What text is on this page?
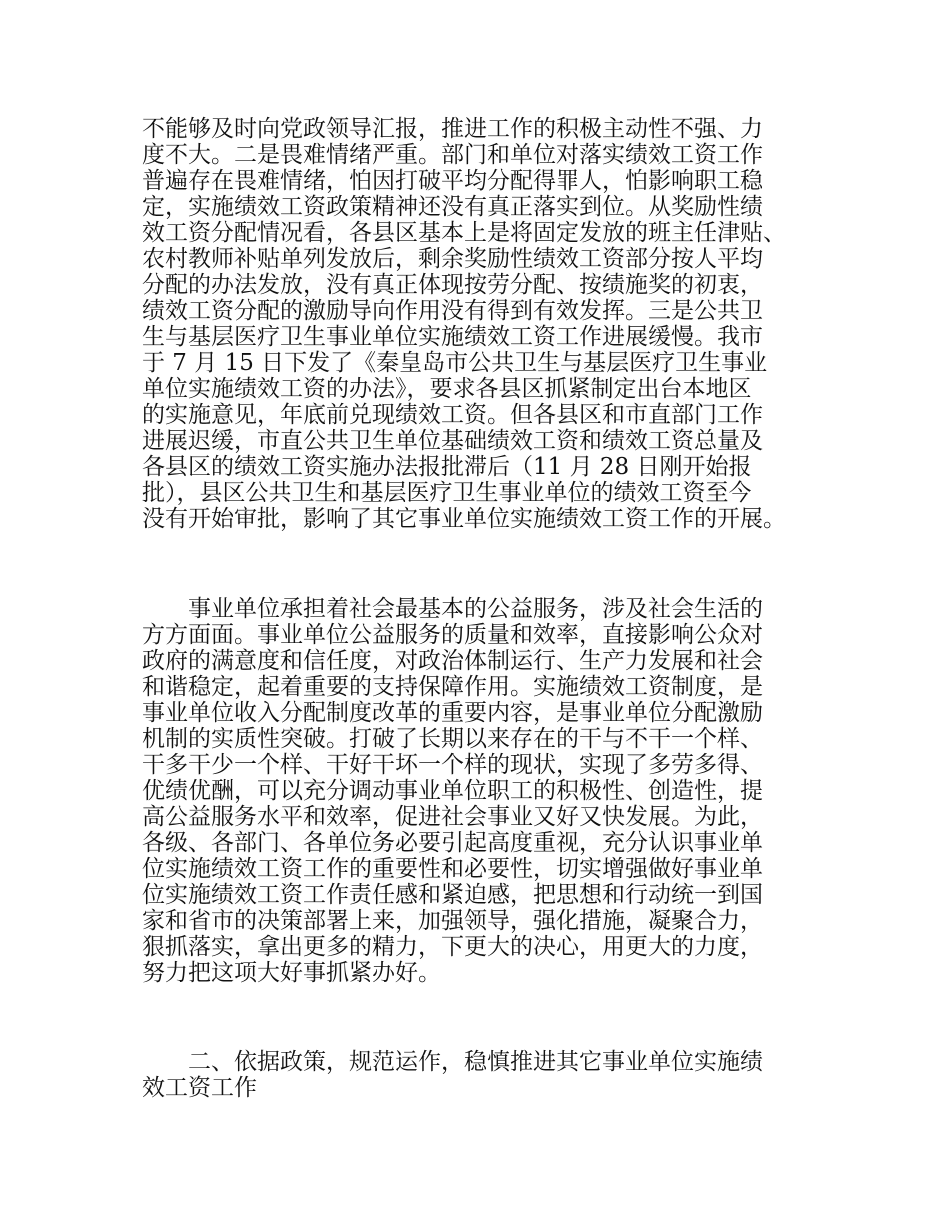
不能够及时向党政领导汇报，推进工作的积极主动性不强、力
度不大。二是畏难情绪严重。部门和单位对落实绩效工资工作
普遍存在畏难情绪，怕因打破平均分配得罪人，怕影响职工稳
定，实施绩效工资政策精神还没有真正落实到位。从奖励性绩
效工资分配情况看，各县区基本上是将固定发放的班主任津贴、
农村教师补贴单列发放后，剩余奖励性绩效工资部分按人平均
分配的办法发放，没有真正体现按劳分配、按绩施奖的初衷，
绩效工资分配的激励导向作用没有得到有效发挥。三是公共卫
生与基层医疗卫生事业单位实施绩效工资工作进展缓慢。我市
于 7 月 15 日下发了《秦皇岛市公共卫生与基层医疗卫生事业
单位实施绩效工资的办法》，要求各县区抓紧制定出台本地区
的实施意见，年底前兑现绩效工资。但各县区和市直部门工作
进展迟缓，市直公共卫生单位基础绩效工资和绩效工资总量及
各县区的绩效工资实施办法报批滞后（11 月 28 日刚开始报
批），县区公共卫生和基层医疗卫生事业单位的绩效工资至今
没有开始审批，影响了其它事业单位实施绩效工资工作的开展。
　　事业单位承担着社会最基本的公益服务，涉及社会生活的
方方面面。事业单位公益服务的质量和效率，直接影响公众对
政府的满意度和信任度，对政治体制运行、生产力发展和社会
和谐稳定，起着重要的支持保障作用。实施绩效工资制度，是
事业单位收入分配制度改革的重要内容，是事业单位分配激励
机制的实质性突破。打破了长期以来存在的干与不干一个样、
干多干少一个样、干好干坏一个样的现状，实现了多劳多得、
优绩优酬，可以充分调动事业单位职工的积极性、创造性，提
高公益服务水平和效率，促进社会事业又好又快发展。为此，
各级、各部门、各单位务必要引起高度重视，充分认识事业单
位实施绩效工资工作的重要性和必要性，切实增强做好事业单
位实施绩效工资工作责任感和紧迫感，把思想和行动统一到国
家和省市的决策部署上来，加强领导，强化措施，凝聚合力，
狠抓落实，拿出更多的精力，下更大的决心，用更大的力度，
努力把这项大好事抓紧办好。
　　二、依据政策，规范运作，稳慎推进其它事业单位实施绩
效工资工作
